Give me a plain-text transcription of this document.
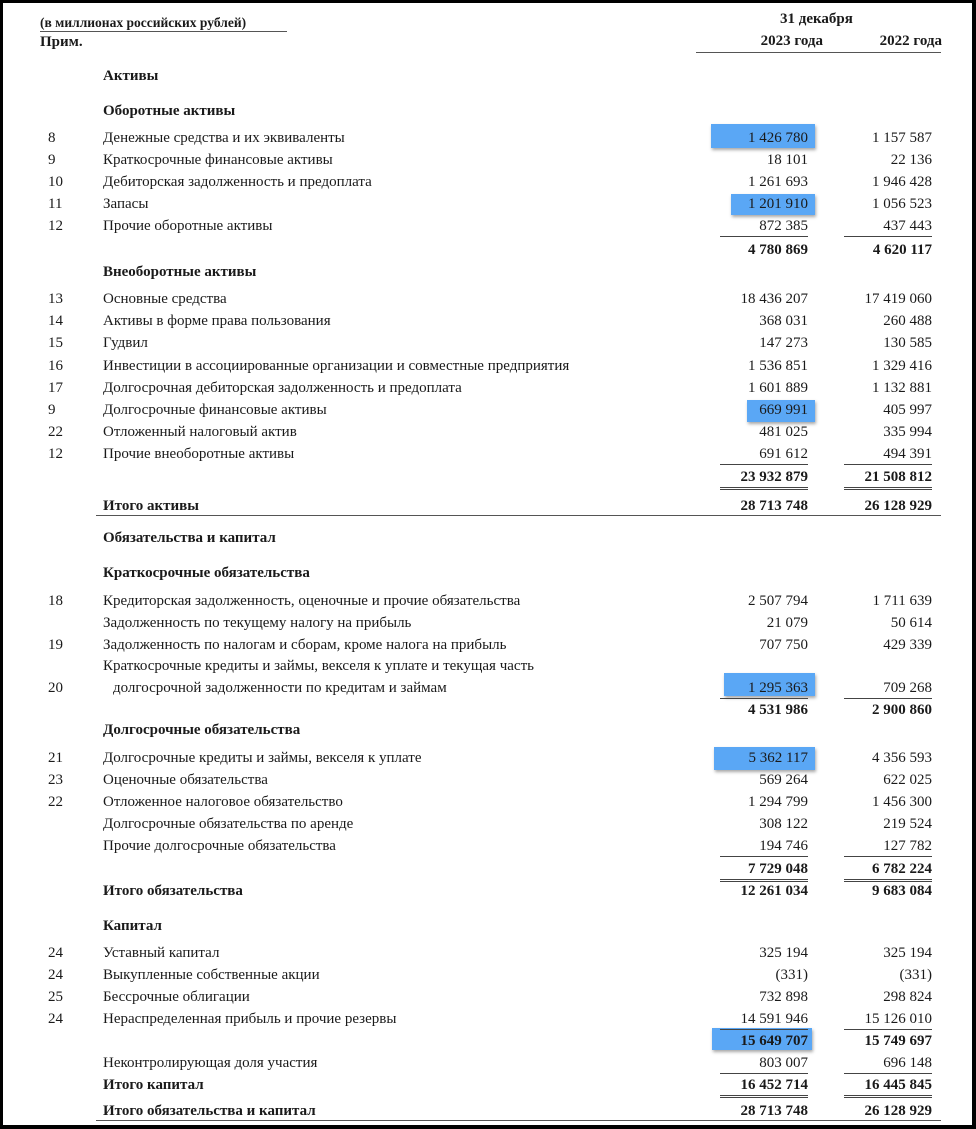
(в миллионах российских рублей)
Прим.
31 декабря
2023 года	2022 года
Активы
Оборотные активы
8	Денежные средства и их эквиваленты	1 426 780	1 157 587
9	Краткосрочные финансовые активы	18 101	22 136
10	Дебиторская задолженность и предоплата	1 261 693	1 946 428
11	Запасы	1 201 910	1 056 523
12	Прочие оборотные активы	872 385	437 443
4 780 869	4 620 117
Внеоборотные активы
13	Основные средства	18 436 207	17 419 060
14	Активы в форме права пользования	368 031	260 488
15	Гудвил	147 273	130 585
16	Инвестиции в ассоциированные организации и совместные предприятия	1 536 851	1 329 416
17	Долгосрочная дебиторская задолженность и предоплата	1 601 889	1 132 881
9	Долгосрочные финансовые активы	669 991	405 997
22	Отложенный налоговый актив	481 025	335 994
12	Прочие внеоборотные активы	691 612	494 391
23 932 879	21 508 812
Итого активы	28 713 748	26 128 929
Обязательства и капитал
Краткосрочные обязательства
18	Кредиторская задолженность, оценочные и прочие обязательства	2 507 794	1 711 639
Задолженность по текущему налогу на прибыль	21 079	50 614
19	Задолженность по налогам и сборам, кроме налога на прибыль	707 750	429 339
Краткосрочные кредиты и займы, векселя к уплате и текущая часть
20	долгосрочной задолженности по кредитам и займам	1 295 363	709 268
4 531 986	2 900 860
Долгосрочные обязательства
21	Долгосрочные кредиты и займы, векселя к уплате	5 362 117	4 356 593
23	Оценочные обязательства	569 264	622 025
22	Отложенное налоговое обязательство	1 294 799	1 456 300
Долгосрочные обязательства по аренде	308 122	219 524
Прочие долгосрочные обязательства	194 746	127 782
7 729 048	6 782 224
Итого обязательства	12 261 034	9 683 084
Капитал
24	Уставный капитал	325 194	325 194
24	Выкупленные собственные акции	(331)	(331)
25	Бессрочные облигации	732 898	298 824
24	Нераспределенная прибыль и прочие резервы	14 591 946	15 126 010
15 649 707	15 749 697
Неконтролирующая доля участия	803 007	696 148
Итого капитал	16 452 714	16 445 845
Итого обязательства и капитал	28 713 748	26 128 929
